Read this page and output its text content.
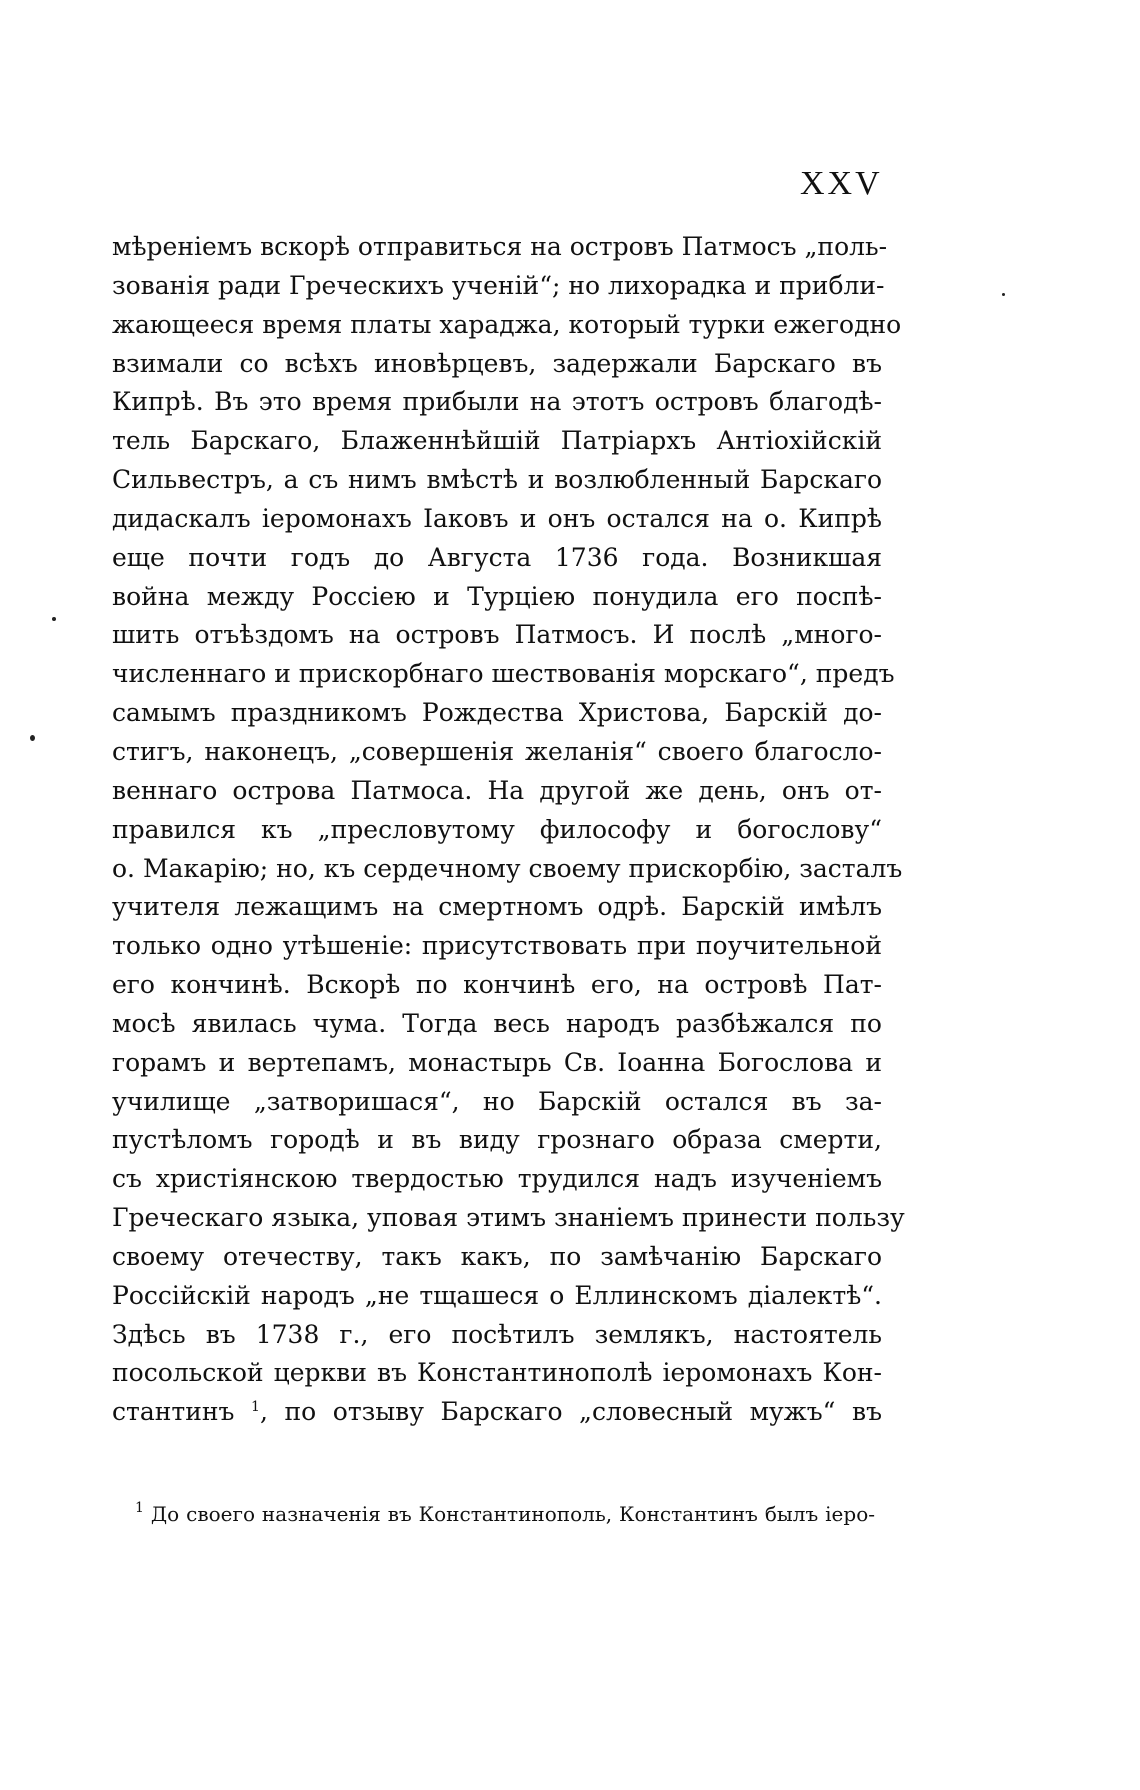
XXV
мѣреніемъ вскорѣ отправиться на островъ Патмосъ „поль-
зованія ради Греческихъ ученій“; но лихорадка и прибли-
жающееся время платы хараджа, который турки ежегодно
взимали со всѣхъ иновѣрцевъ, задержали Барскаго въ
Кипрѣ. Въ это время прибыли на этотъ островъ благодѣ-
тель Барскаго, Блаженнѣйшій Патріархъ Антіохійскій
Сильвестръ, а съ нимъ вмѣстѣ и возлюбленный Барскаго
дидаскалъ іеромонахъ Іаковъ и онъ остался на о. Кипрѣ
еще почти годъ до Августа 1736 года. Возникшая
война между Россіею и Турціею понудила его поспѣ-
шить отъѣздомъ на островъ Патмосъ. И послѣ „много-
численнаго и прискорбнаго шествованія морскаго“, предъ
самымъ праздникомъ Рождества Христова, Барскій до-
стигъ, наконецъ, „совершенія желанія“ своего благосло-
веннаго острова Патмоса. На другой же день, онъ от-
правился къ „пресловутому философу и богослову“
о. Макарію; но, къ сердечному своему прискорбію, засталъ
учителя лежащимъ на смертномъ одрѣ. Барскій имѣлъ
только одно утѣшеніе: присутствовать при поучительной
его кончинѣ. Вскорѣ по кончинѣ его, на островѣ Пат-
мосѣ явилась чума. Тогда весь народъ разбѣжался по
горамъ и вертепамъ, монастырь Св. Іоанна Богослова и
училище „затворишася“, но Барскій остался въ за-
пустѣломъ городѣ и въ виду грознаго образа смерти,
съ христіянскою твердостью трудился надъ изученіемъ
Греческаго языка, уповая этимъ знаніемъ принести пользу
своему отечеству, такъ какъ, по замѣчанію Барскаго
Россійскій народъ „не тщашеся о Еллинскомъ діалектѣ“.
Здѣсь въ 1738 г., его посѣтилъ землякъ, настоятель
посольской церкви въ Константинополѣ іеромонахъ Кон-
стантинъ $^1$, по отзыву Барскаго „словесный мужъ“ въ
$^1$ До своего назначенія въ Константинополь, Константинъ былъ іеро-
